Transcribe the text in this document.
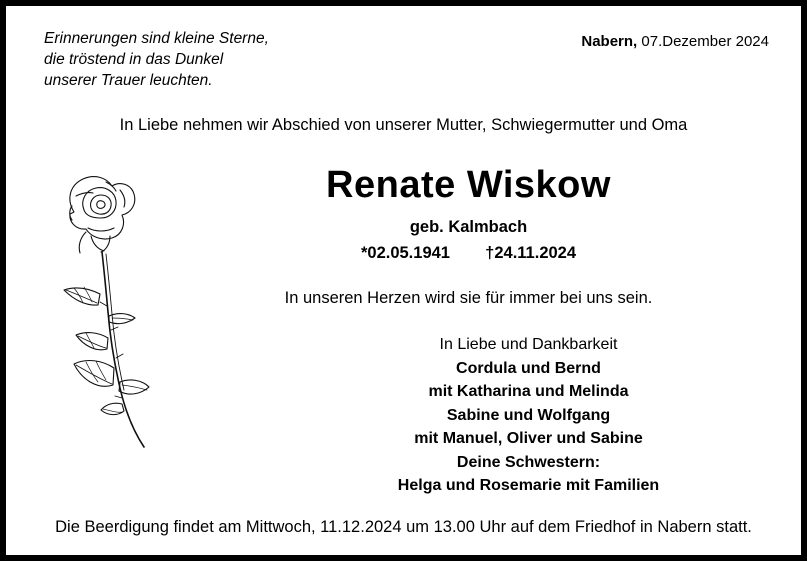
Erinnerungen sind kleine Sterne,
die tröstend in das Dunkel
unserer Trauer leuchten.
Nabern, 07.Dezember 2024
In Liebe nehmen wir Abschied von unserer Mutter, Schwiegermutter und Oma
Renate Wiskow
geb. Kalmbach
*02.05.1941 †24.11.2024
In unseren Herzen wird sie für immer bei uns sein.
In Liebe und Dankbarkeit
Cordula und Bernd
mit Katharina und Melinda
Sabine und Wolfgang
mit Manuel, Oliver und Sabine
Deine Schwestern:
Helga und Rosemarie mit Familien
Die Beerdigung findet am Mittwoch, 11.12.2024 um 13.00 Uhr auf dem Friedhof in Nabern statt.
